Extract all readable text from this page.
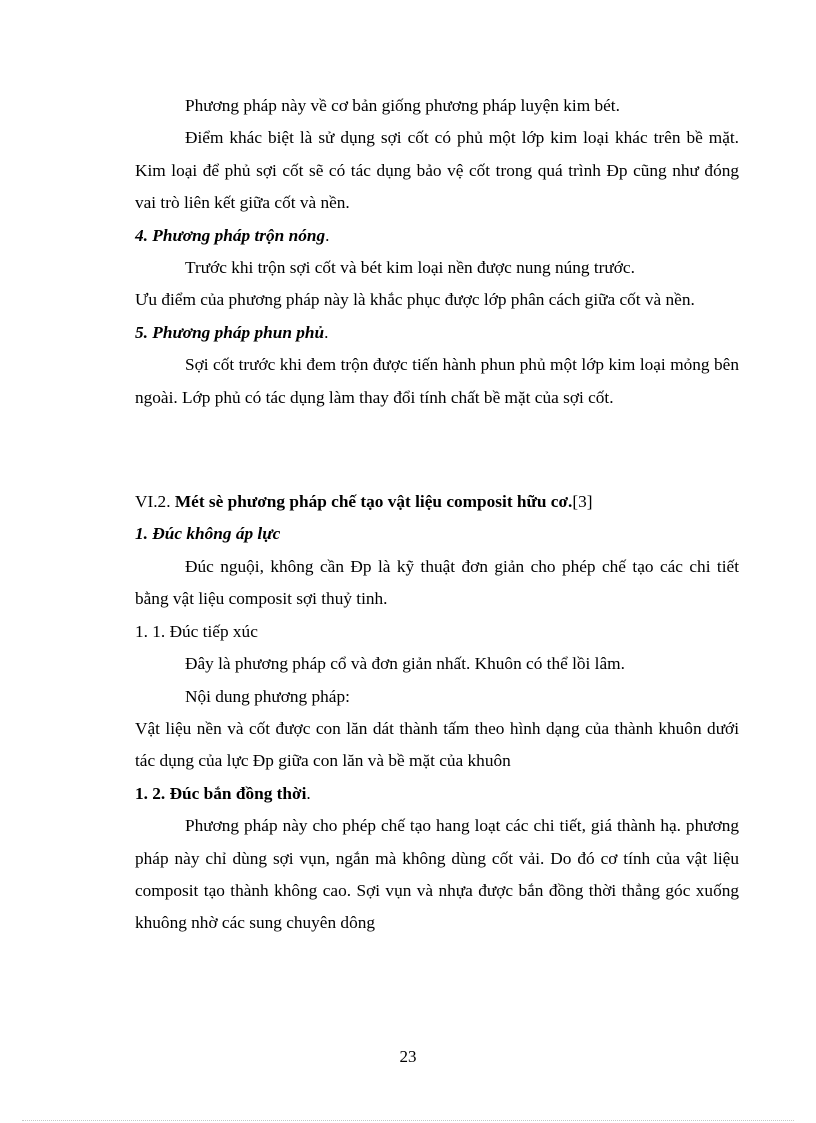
Phương pháp này về cơ bản giống phương pháp luyện kim bét.

Điểm khác biệt là sử dụng sợi cốt có phủ một lớp kim loại khác trên bề mặt. Kim loại để phủ sợi cốt sẽ có tác dụng bảo vệ cốt trong quá trình Đp cũng như đóng vai trò liên kết giữa cốt và nền.

4. Phương pháp trộn nóng.

Trước khi trộn sợi cốt và bét kim loại nền được nung núng trước.

Ưu điểm của phương pháp này là khắc phục được lớp phân cách giữa cốt và nền.

5. Phương pháp phun phủ.

Sợi cốt trước khi đem trộn được tiến hành phun phủ một lớp kim loại mỏng bên ngoài. Lớp phủ có tác dụng làm thay đổi tính chất bề mặt của sợi cốt.

VI.2. Mét sè phương pháp chế tạo vật liệu composit hữu cơ.[3]

1. Đúc không áp lực

Đúc nguội, không cần Đp là kỹ thuật đơn giản cho phép chế tạo các chi tiết bằng vật liệu composit sợi thuỷ tinh.

1. 1. Đúc tiếp xúc

Đây là phương pháp cổ và đơn giản nhất. Khuôn có thể lồi lâm.

Nội dung phương pháp:

Vật liệu nền và cốt được con lăn dát thành tấm theo hình dạng của thành khuôn dưới tác dụng của lực Đp giữa con lăn và bề mặt của khuôn

1. 2. Đúc bắn đồng thời.

Phương pháp này cho phép chế tạo hang loạt các chi tiết, giá thành hạ. phương pháp này chỉ dùng sợi vụn, ngắn mà không dùng cốt vải. Do đó cơ tính của vật liệu composit tạo thành không cao. Sợi vụn và nhựa được bắn đồng thời thẳng góc xuống khuông nhờ các sung chuyên dông

23
